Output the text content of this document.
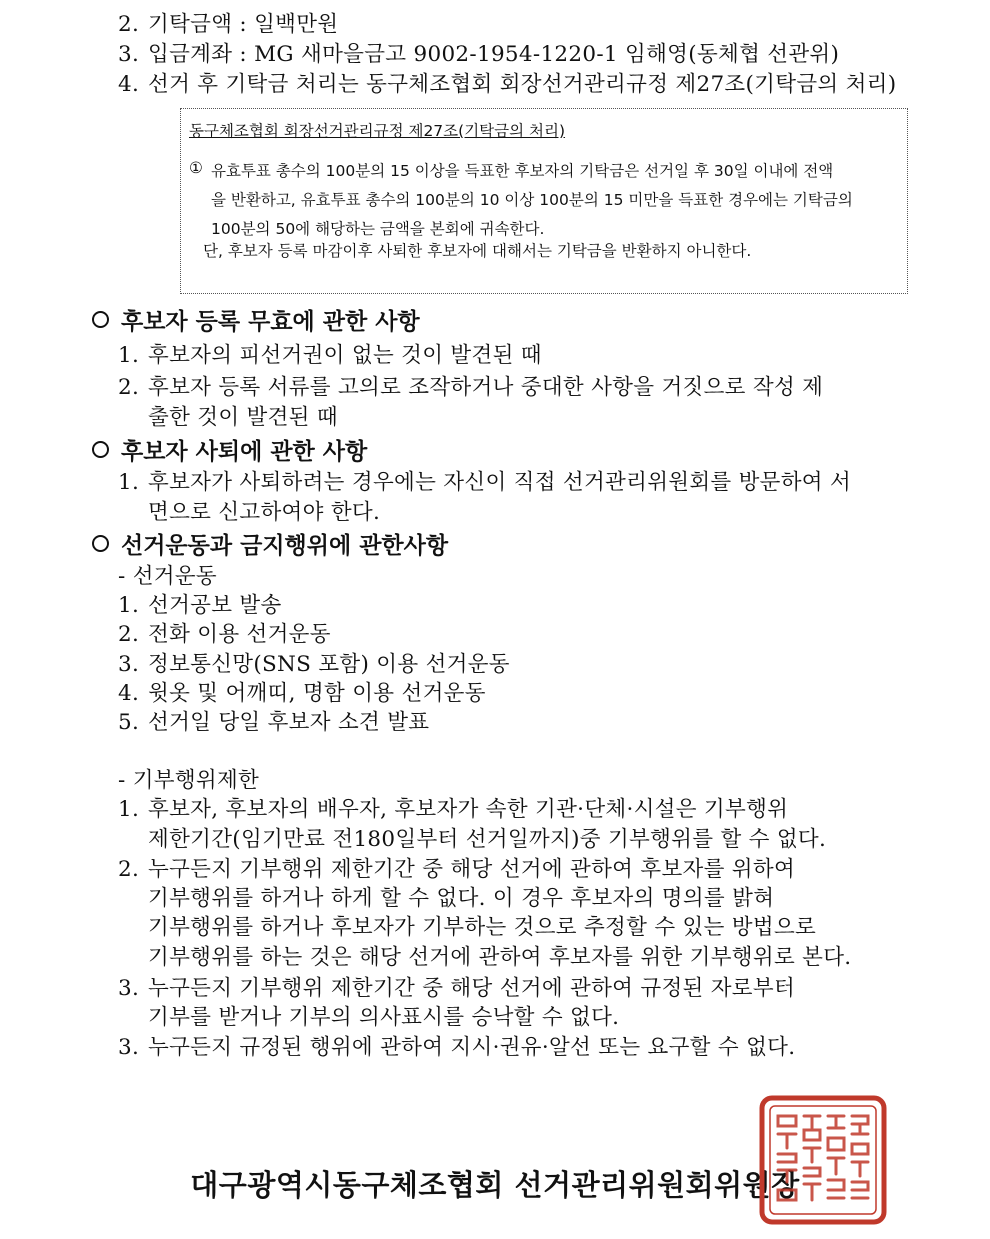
2. 기탁금액 : 일백만원
3. 입금계좌 : MG 새마을금고 9002-1954-1220-1 임해영(동체협 선관위)
4. 선거 후 기탁금 처리는 동구체조협회 회장선거관리규정 제27조(기탁금의 처리)
동구체조협회 회장선거관리규정 제27조(기탁금의 처리)
① 유효투표 총수의 100분의 15 이상을 득표한 후보자의 기탁금은 선거일 후 30일 이내에 전액
을 반환하고, 유효투표 총수의 100분의 10 이상 100분의 15 미만을 득표한 경우에는 기탁금의
100분의 50에 해당하는 금액을 본회에 귀속한다.
단, 후보자 등록 마감이후 사퇴한 후보자에 대해서는 기탁금을 반환하지 아니한다.
후보자 등록 무효에 관한 사항
1. 후보자의 피선거권이 없는 것이 발견된 때
2. 후보자 등록 서류를 고의로 조작하거나 중대한 사항을 거짓으로 작성 제
출한 것이 발견된 때
후보자 사퇴에 관한 사항
1. 후보자가 사퇴하려는 경우에는 자신이 직접 선거관리위원회를 방문하여 서
면으로 신고하여야 한다.
선거운동과 금지행위에 관한사항
- 선거운동
1. 선거공보 발송
2. 전화 이용 선거운동
3. 정보통신망(SNS 포함) 이용 선거운동
4. 윗옷 및 어깨띠, 명함 이용 선거운동
5. 선거일 당일 후보자 소견 발표
- 기부행위제한
1. 후보자, 후보자의 배우자, 후보자가 속한 기관·단체·시설은 기부행위
제한기간(임기만료 전180일부터 선거일까지)중 기부행위를 할 수 없다.
2. 누구든지 기부행위 제한기간 중 해당 선거에 관하여 후보자를 위하여
기부행위를 하거나 하게 할 수 없다. 이 경우 후보자의 명의를 밝혀
기부행위를 하거나 후보자가 기부하는 것으로 추정할 수 있는 방법으로
기부행위를 하는 것은 해당 선거에 관하여 후보자를 위한 기부행위로 본다.
3. 누구든지 기부행위 제한기간 중 해당 선거에 관하여 규정된 자로부터
기부를 받거나 기부의 의사표시를 승낙할 수 없다.
3. 누구든지 규정된 행위에 관하여 지시·권유·알선 또는 요구할 수 없다.
대구광역시동구체조협회 선거관리위원회위원장
